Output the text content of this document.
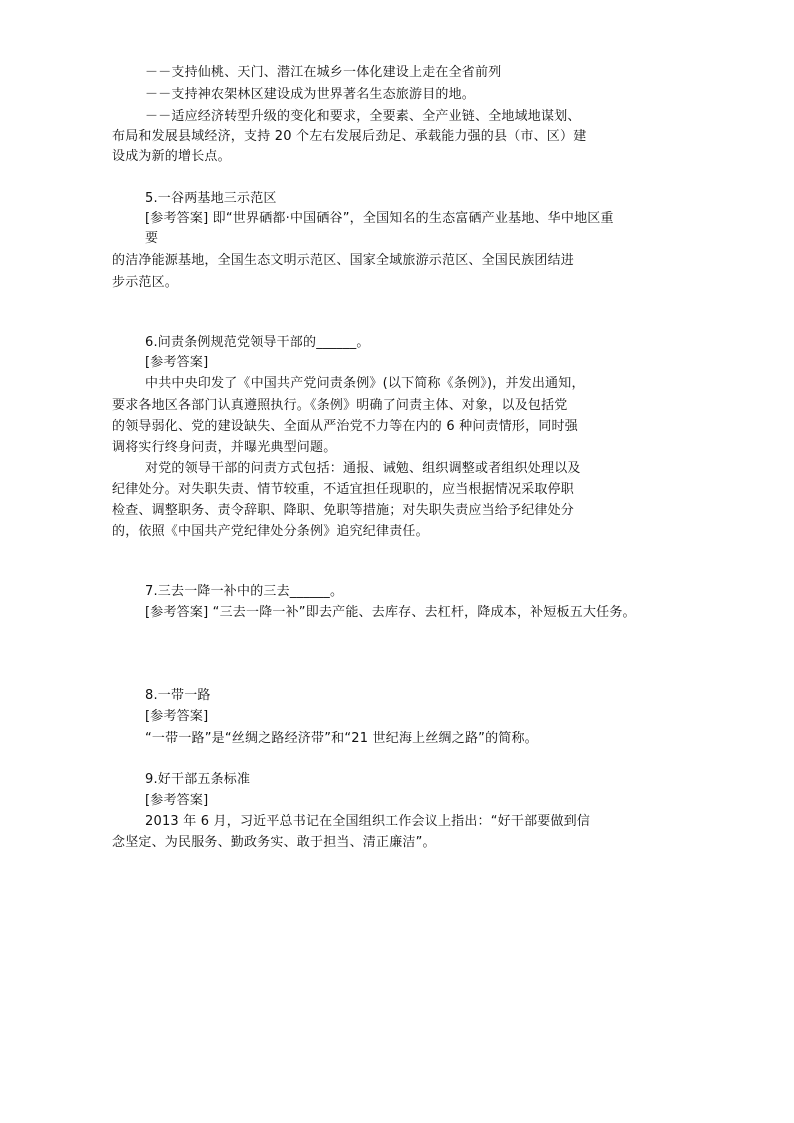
－－支持仙桃、天门、潜江在城乡一体化建设上走在全省前列
－－支持神农架林区建设成为世界著名生态旅游目的地。
－－适应经济转型升级的变化和要求，全要素、全产业链、全地域地谋划、
布局和发展县域经济，支持 20 个左右发展后劲足、承载能力强的县（市、区）建
设成为新的增长点。
5.一谷两基地三示范区
[参考答案] 即“世界硒都·中国硒谷”，全国知名的生态富硒产业基地、华中地区重
要
的洁净能源基地，全国生态文明示范区、国家全域旅游示范区、全国民族团结进
步示范区。
6.问责条例规范党领导干部的______。
[参考答案]
中共中央印发了《中国共产党问责条例》(以下简称《条例》)，并发出通知，
要求各地区各部门认真遵照执行。《条例》明确了问责主体、对象，以及包括党
的领导弱化、党的建设缺失、全面从严治党不力等在内的 6 种问责情形，同时强
调将实行终身问责，并曝光典型问题。
对党的领导干部的问责方式包括：通报、诫勉、组织调整或者组织处理以及
纪律处分。对失职失责、情节较重，不适宜担任现职的，应当根据情况采取停职
检查、调整职务、责令辞职、降职、免职等措施；对失职失责应当给予纪律处分
的，依照《中国共产党纪律处分条例》追究纪律责任。
7.三去一降一补中的三去______。
[参考答案] “三去一降一补”即去产能、去库存、去杠杆，降成本，补短板五大任务。
8.一带一路
[参考答案]
“一带一路”是“丝绸之路经济带”和“21 世纪海上丝绸之路”的简称。
9.好干部五条标准
[参考答案]
2013 年 6 月，习近平总书记在全国组织工作会议上指出：“好干部要做到信
念坚定、为民服务、勤政务实、敢于担当、清正廉洁”。
